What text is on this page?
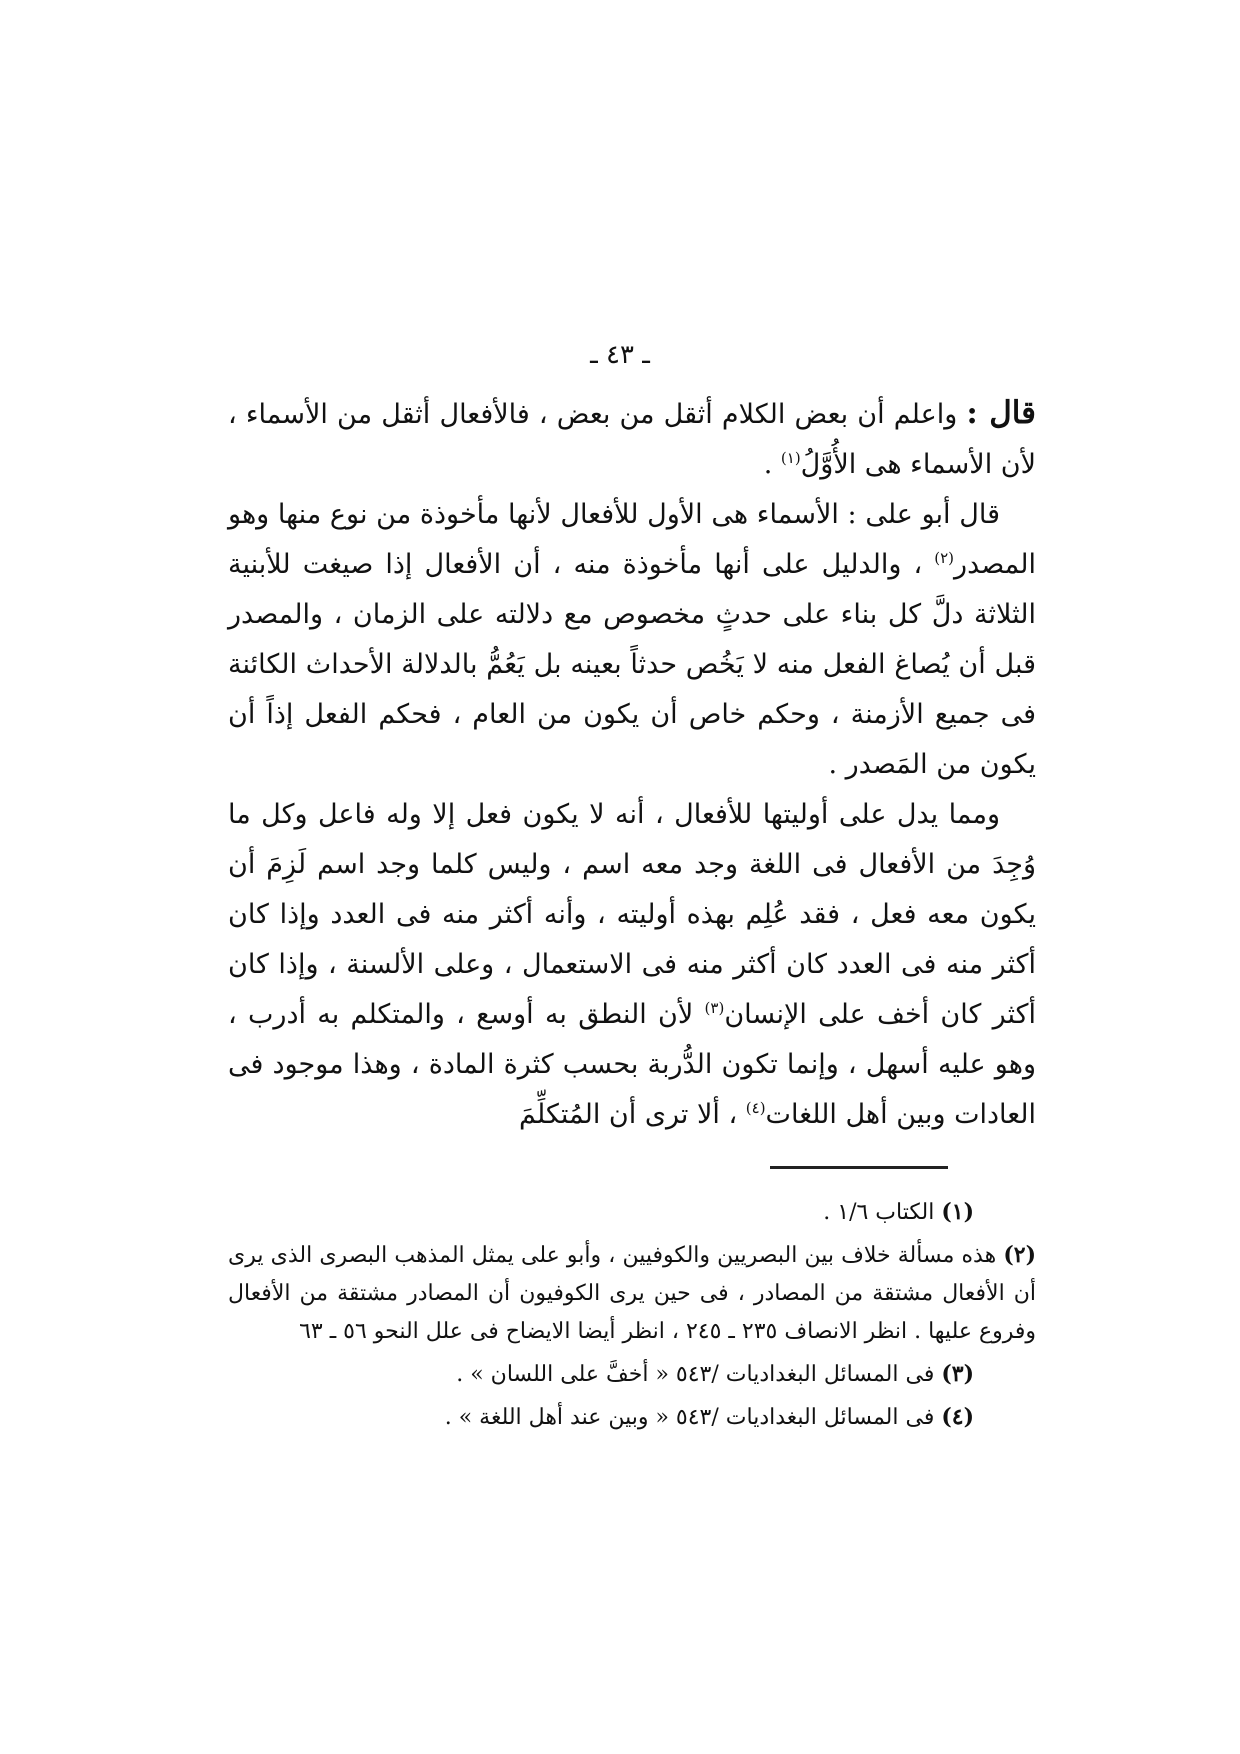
ـ ٤٣ ـ

قال : واعلم أن بعض الكلام أثقل من بعض ، فالأفعال أثقل من الأسماء ، لأن الأسماء هى الأُوَّلُ$^{(١)}$ .

قال أبو على : الأسماء هى الأول للأفعال لأنها مأخوذة من نوع منها وهو المصدر$^{(٢)}$ ، والدليل على أنها مأخوذة منه ، أن الأفعال إذا صيغت للأبنية الثلاثة دلَّ كل بناء على حدثٍ مخصوص مع دلالته على الزمان ، والمصدر قبل أن يُصاغ الفعل منه لا يَخُص حدثاً بعينه بل يَعُمُّ بالدلالة الأحداث الكائنة فى جميع الأزمنة ، وحكم خاص أن يكون من العام ، فحكم الفعل إذاً أن يكون من المَصدر .

ومما يدل على أوليتها للأفعال ، أنه لا يكون فعل إلا وله فاعل وكل ما وُجِدَ من الأفعال فى اللغة وجد معه اسم ، وليس كلما وجد اسم لَزِمَ أن يكون معه فعل ، فقد عُلِم بهذه أوليته ، وأنه أكثر منه فى العدد وإذا كان أكثر منه فى العدد كان أكثر منه فى الاستعمال ، وعلى الألسنة ، وإذا كان أكثر كان أخف على الإنسان$^{(٣)}$ لأن النطق به أوسع ، والمتكلم به أدرب ، وهو عليه أسهل ، وإنما تكون الدُّربة بحسب كثرة المادة ، وهذا موجود فى العادات وبين أهل اللغات$^{(٤)}$ ، ألا ترى أن المُتكلِّمَ

(١) الكتاب ١/٦ .

(٢) هذه مسألة خلاف بين البصريين والكوفيين ، وأبو على يمثل المذهب البصرى الذى يرى أن الأفعال مشتقة من المصادر ، فى حين يرى الكوفيون أن المصادر مشتقة من الأفعال وفروع عليها . انظر الانصاف ٢٣٥ ـ ٢٤٥ ، انظر أيضا الايضاح فى علل النحو ٥٦ ـ ٦٣

(٣) فى المسائل البغداديات /٥٤٣ « أخفَّ على اللسان » .

(٤) فى المسائل البغداديات /٥٤٣ « وبين عند أهل اللغة » .
